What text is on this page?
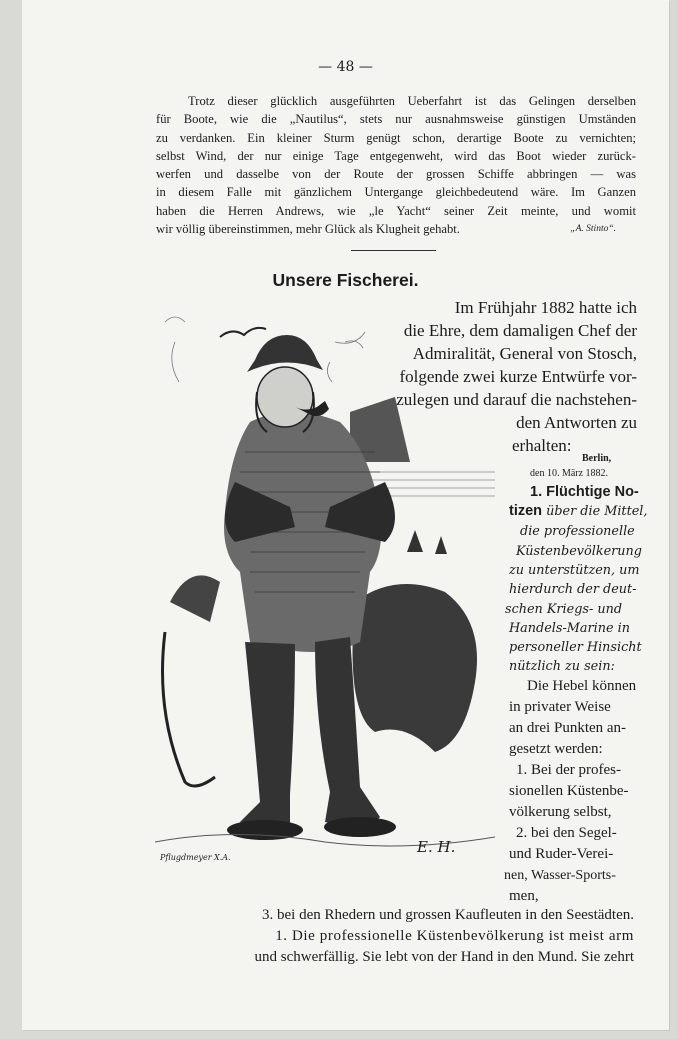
— 48 —
Trotz dieser glücklich ausgeführten Ueberfahrt ist das Gelingen derselben
für Boote, wie die „Nautilus“, stets nur ausnahmsweise günstigen Umständen
zu verdanken. Ein kleiner Sturm genügt schon, derartige Boote zu vernichten;
selbst Wind, der nur einige Tage entgegenweht, wird das Boot wieder zurück-
werfen und dasselbe von der Route der grossen Schiffe abbringen — was
in diesem Falle mit gänzlichem Untergange gleichbedeutend wäre. Im Ganzen
haben die Herren Andrews, wie „le Yacht“ seiner Zeit meinte, und womit
wir völlig übereinstimmen, mehr Glück als Klugheit gehabt.	„A. Stinto“.
Unsere Fischerei.
E. H.
Pflugdmeyer X.A.
Im Frühjahr 1882 hatte ich
die Ehre, dem damaligen Chef der
Admiralität, General von Stosch,
folgende zwei kurze Entwürfe vor-
zulegen und darauf die nachstehen-
den Antworten zu
erhalten:
Berlin,
den 10. März 1882.
1. Flüchtige No-
tizen über die Mittel,
die professionelle
Küstenbevölkerung
zu unterstützen, um
hierdurch der deut-
schen Kriegs- und
Handels-Marine in
personeller Hinsicht
nützlich zu sein:
Die Hebel können
in privater Weise
an drei Punkten an-
gesetzt werden:
1. Bei der profes-
sionellen Küstenbe-
völkerung selbst,
2. bei den Segel-
und Ruder-Verei-
nen, Wasser-Sports-
men,
3. bei den Rhedern und grossen Kaufleuten in den Seestädten.
1. Die professionelle Küstenbevölkerung ist meist arm
und schwerfällig. Sie lebt von der Hand in den Mund. Sie zehrt
